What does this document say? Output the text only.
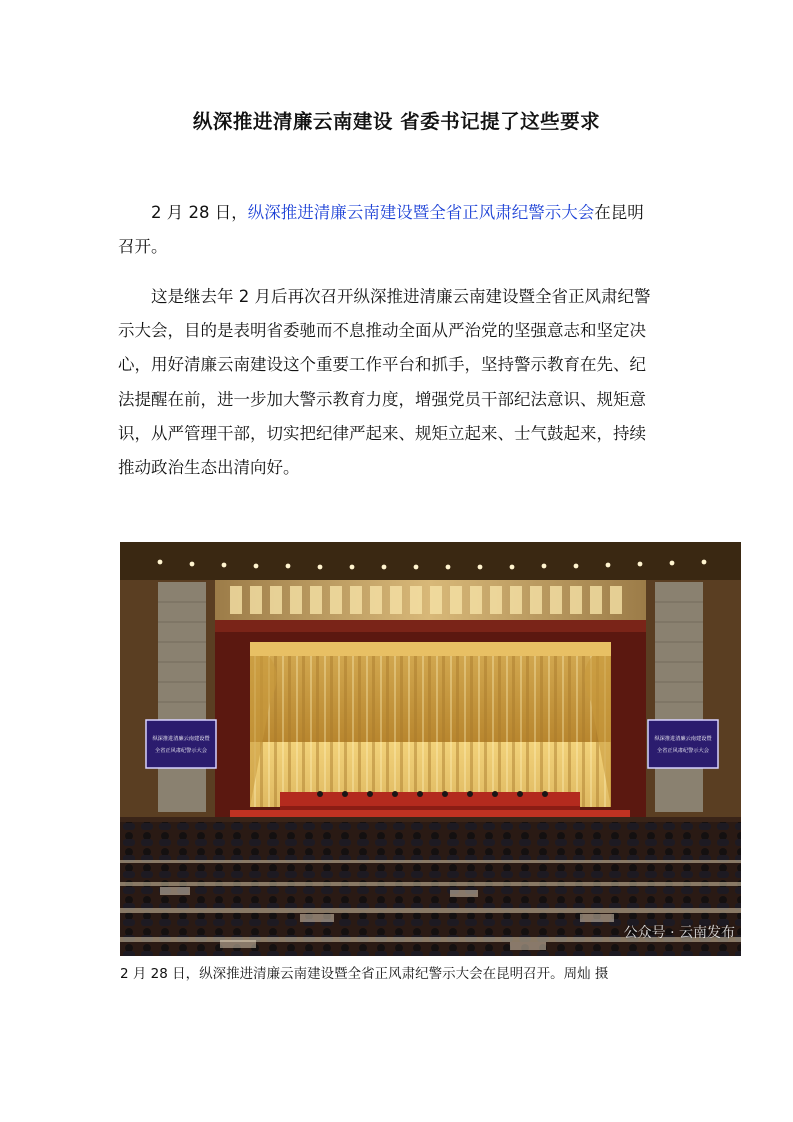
纵深推进清廉云南建设 省委书记提了这些要求
2 月 28 日，纵深推进清廉云南建设暨全省正风肃纪警示大会在昆明召开。
这是继去年 2 月后再次召开纵深推进清廉云南建设暨全省正风肃纪警示大会，目的是表明省委驰而不息推动全面从严治党的坚强意志和坚定决心，用好清廉云南建设这个重要工作平台和抓手，坚持警示教育在先、纪法提醒在前，进一步加大警示教育力度，增强党员干部纪法意识、规矩意识，从严管理干部，切实把纪律严起来、规矩立起来、士气鼓起来，持续推动政治生态出清向好。
纵深推进清廉云南建设暨
全省正风肃纪警示大会
纵深推进清廉云南建设暨
全省正风肃纪警示大会
公众号 · 云南发布
2 月 28 日，纵深推进清廉云南建设暨全省正风肃纪警示大会在昆明召开。周灿 摄
